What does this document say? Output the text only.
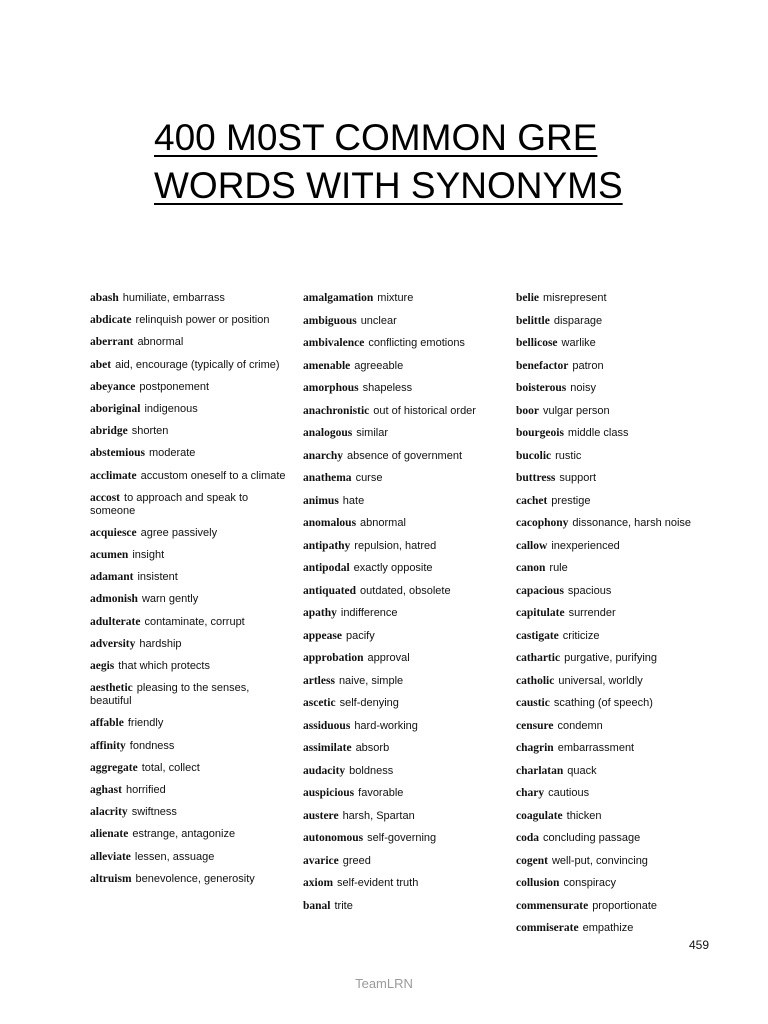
400 M0ST COMMON GRE
WORDS WITH SYNONYMS
abash humiliate, embarrass
abdicate relinquish power or position
aberrant abnormal
abet aid, encourage (typically of crime)
abeyance postponement
aboriginal indigenous
abridge shorten
abstemious moderate
acclimate accustom oneself to a climate
accost to approach and speak to someone
acquiesce agree passively
acumen insight
adamant insistent
admonish warn gently
adulterate contaminate, corrupt
adversity hardship
aegis that which protects
aesthetic pleasing to the senses, beautiful
affable friendly
affinity fondness
aggregate total, collect
aghast horrified
alacrity swiftness
alienate estrange, antagonize
alleviate lessen, assuage
altruism benevolence, generosity
amalgamation mixture
ambiguous unclear
ambivalence conflicting emotions
amenable agreeable
amorphous shapeless
anachronistic out of historical order
analogous similar
anarchy absence of government
anathema curse
animus hate
anomalous abnormal
antipathy repulsion, hatred
antipodal exactly opposite
antiquated outdated, obsolete
apathy indifference
appease pacify
approbation approval
artless naive, simple
ascetic self-denying
assiduous hard-working
assimilate absorb
audacity boldness
auspicious favorable
austere harsh, Spartan
autonomous self-governing
avarice greed
axiom self-evident truth
banal trite
belie misrepresent
belittle disparage
bellicose warlike
benefactor patron
boisterous noisy
boor vulgar person
bourgeois middle class
bucolic rustic
buttress support
cachet prestige
cacophony dissonance, harsh noise
callow inexperienced
canon rule
capacious spacious
capitulate surrender
castigate criticize
cathartic purgative, purifying
catholic universal, worldly
caustic scathing (of speech)
censure condemn
chagrin embarrassment
charlatan quack
chary cautious
coagulate thicken
coda concluding passage
cogent well-put, convincing
collusion conspiracy
commensurate proportionate
commiserate empathize
459
TeamLRN
